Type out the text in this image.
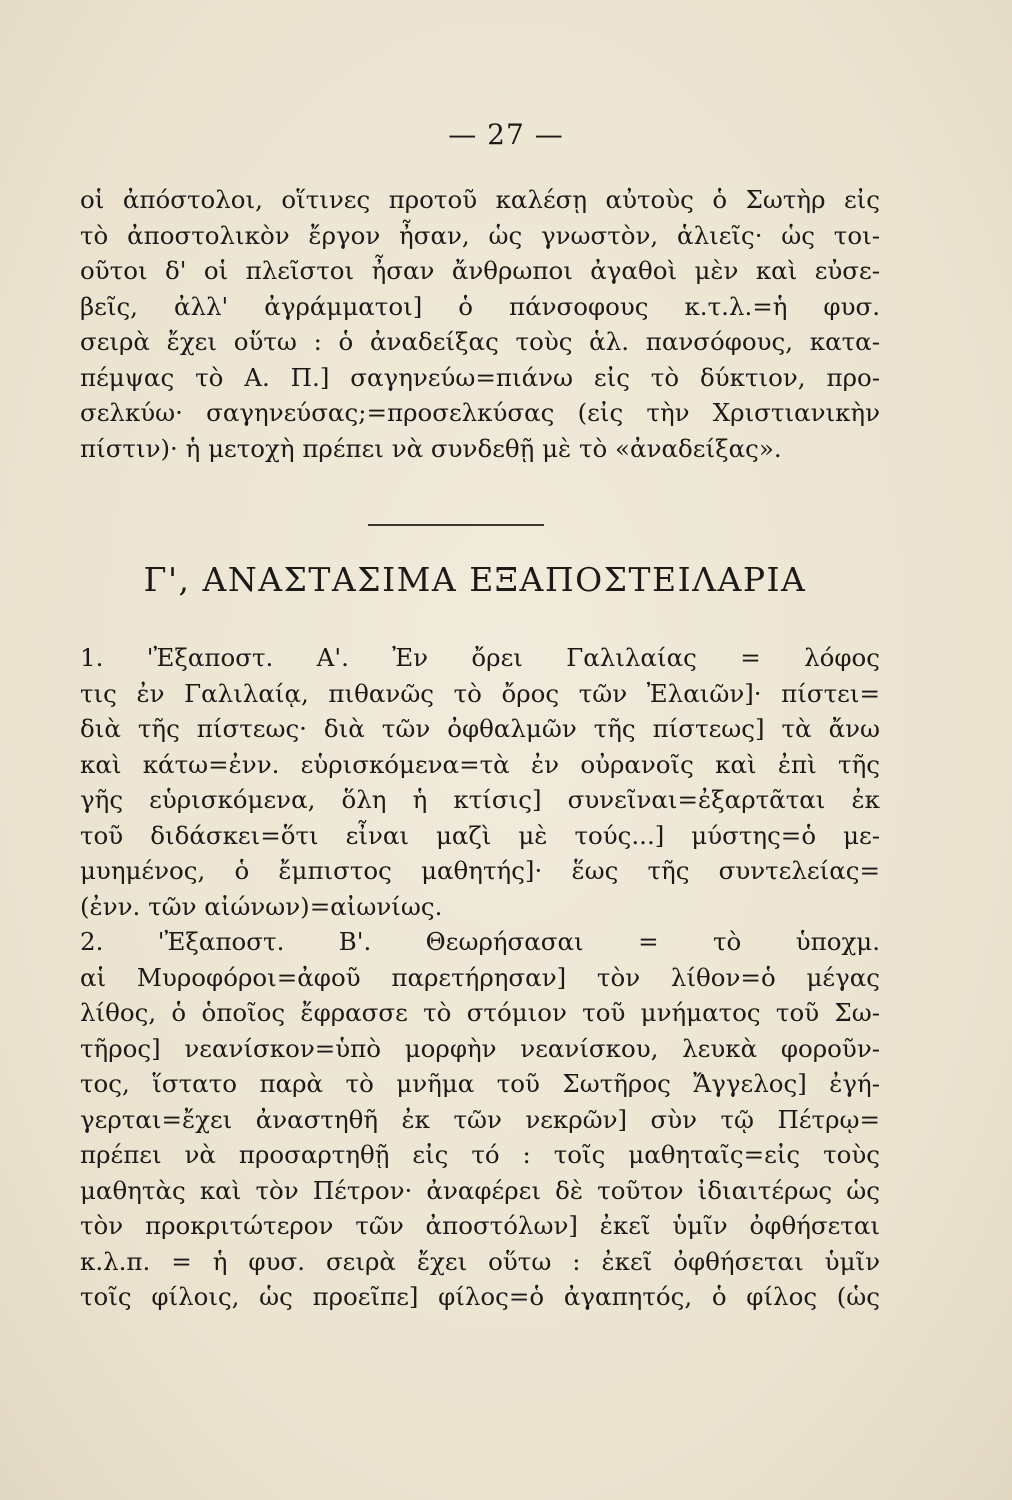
— 27 —
οἱ ἀπόστολοι, οἵτινες προτοῦ καλέσῃ αὐτοὺς ὁ Σωτὴρ εἰς
τὸ ἀποστολικὸν ἔργον ἦσαν, ὡς γνωστὸν, ἁλιεῖς· ὡς τοι-
οῦτοι δ' οἱ πλεῖστοι ἦσαν ἄνθρωποι ἀγαθοὶ μὲν καὶ εὐσε-
βεῖς, ἀλλ' ἀγράμματοι] ὁ πάνσοφους κ.τ.λ.=ἡ φυσ.
σειρὰ ἔχει οὕτω : ὁ ἀναδείξας τοὺς ἁλ. πανσόφους, κατα-
πέμψας τὸ Α. Π.] σαγηνεύω=πιάνω εἰς τὸ δύκτιον, προ-
σελκύω· σαγηνεύσας;=προσελκύσας (εἰς τὴν Χριστιανικὴν
πίστιν)· ἡ μετοχὴ πρέπει νὰ συνδεθῇ μὲ τὸ «ἀναδείξας».
Γ', ΑΝΑΣΤΑΣΙΜΑ ΕΞΑΠΟΣΤΕΙΛΑΡΙΑ
1. 'Ἐξαποστ. Α'. Ἐν ὄρει Γαλιλαίας = λόφος
τις ἐν Γαλιλαίᾳ, πιθανῶς τὸ ὄρος τῶν Ἐλαιῶν]· πίστει=
διὰ τῆς πίστεως· διὰ τῶν ὀφθαλμῶν τῆς πίστεως] τὰ ἄνω
καὶ κάτω=ἐνν. εὑρισκόμενα=τὰ ἐν οὐρανοῖς καὶ ἐπὶ τῆς
γῆς εὑρισκόμενα, ὅλη ἡ κτίσις] συνεῖναι=ἐξαρτᾶται ἐκ
τοῦ διδάσκει=ὅτι εἶναι μαζὶ μὲ τούς...] μύστης=ὁ με-
μυημένος, ὁ ἔμπιστος μαθητής]· ἕως τῆς συντελείας=
(ἐνν. τῶν αἰώνων)=αἰωνίως.
2. 'Ἐξαποστ. Β'. Θεωρήσασαι = τὸ ὑποχμ.
αἱ Μυροφόροι=ἀφοῦ παρετήρησαν] τὸν λίθον=ὁ μέγας
λίθος, ὁ ὁποῖος ἔφρασσε τὸ στόμιον τοῦ μνήματος τοῦ Σω-
τῆρος] νεανίσκον=ὑπὸ μορφὴν νεανίσκου, λευκὰ φοροῦν-
τος, ἵστατο παρὰ τὸ μνῆμα τοῦ Σωτῆρος Ἄγγελος] ἐγή-
γερται=ἔχει ἀναστηθῆ ἐκ τῶν νεκρῶν] σὺν τῷ Πέτρῳ=
πρέπει νὰ προσαρτηθῇ εἰς τό : τοῖς μαθηταῖς=εἰς τοὺς
μαθητὰς καὶ τὸν Πέτρον· ἀναφέρει δὲ τοῦτον ἰδιαιτέρως ὡς
τὸν προκριτώτερον τῶν ἀποστόλων] ἐκεῖ ὑμῖν ὀφθήσεται
κ.λ.π. = ἡ φυσ. σειρὰ ἔχει οὕτω : ἐκεῖ ὀφθήσεται ὑμῖν
τοῖς φίλοις, ὡς προεῖπε] φίλος=ὁ ἀγαπητός, ὁ φίλος (ὡς
